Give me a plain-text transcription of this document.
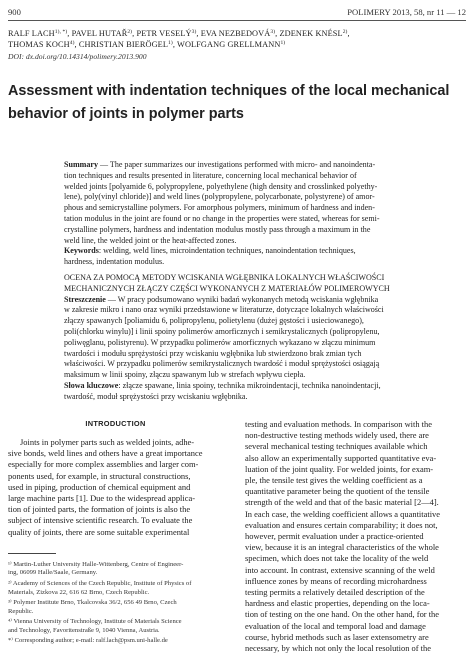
900	POLIMERY 2013, 58, nr 11 — 12
RALF $LACH^{1), *)}$, PAVEL HUTAŘ$^{2)}$, PETR VESELÝ$^{3)}$, EVA NEZBEDOVÁ$^{3)}$, ZDENEK KNÉSL$^{2)}$,
THOMAS KOCH$^{4)}$, CHRISTIAN BIERÖGEL$^{1)}$, WOLFGANG GRELLMANN$^{1)}$
DOI: dx.doi.org/10.14314/polimery.2013.900
Assessment with indentation techniques of the local mechanical
behavior of joints in polymer parts
Summary — The paper summarizes our investigations performed with micro- and nanoindenta-
tion techniques and results presented in literature, concerning local mechanical behavior of
welded joints [polyamide 6, polypropylene, polyethylene (high density and crosslinked polyethy-
lene), poly(vinyl chloride)] and weld lines (polypropylene, polycarbonate, polystyrene) of amor-
phous and semicrystalline polymers. For amorphous polymers, minimum of hardness and inden-
tation modulus in the joint are found or no change in the properties were stated, whereas for semi-
crystalline polymers, hardness and indentation modulus mostly pass through a maximum in the
weld line, the welded joint or the heat-affected zones.
Keywords: welding, weld lines, microindentation techniques, nanoindentation techniques,
hardness, indentation modulus.
OCENA ZA POMOCĄ METODY WCISKANIA WGŁĘBNIKA LOKALNYCH WŁAŚCIWOŚCI
MECHANICZNYCH ZŁĄCZY CZĘŚCI WYKONANYCH Z MATERIAŁÓW POLIMEROWYCH
Streszczenie — W pracy podsumowano wyniki badań wykonanych metodą wciskania wgłębnika
w zakresie mikro i nano oraz wyniki przedstawione w literaturze, dotyczące lokalnych właściwości
złączy spawanych [poliamidu 6, polipropylenu, polietylenu (dużej gęstości i usieciowanego),
poli(chlorku winylu)] i linii spoiny polimerów amorficznych i semikrystalicznych (polipropylenu,
poliwęglanu, polistyrenu). W przypadku polimerów amorficznych wykazano w złączu minimum
twardości i modułu sprężystości przy wciskaniu wgłębnika lub stwierdzono brak zmian tych
właściwości. W przypadku polimerów semikrystalicznych twardość i moduł sprężystości osiągają
maksimum w linii spoiny, złączu spawanym lub w strefach wpływu ciepła.
Słowa kluczowe: złącze spawane, linia spoiny, technika mikroindentacji, technika nanoindentacji,
twardość, moduł sprężystości przy wciskaniu wgłębnika.
INTRODUCTION
Joints in polymer parts such as welded joints, adhe-
sive bonds, weld lines and others have a great importance
especially for more complex assemblies and larger com-
ponents used, for example, in structural constructions,
used in piping, production of chemical equipment and
large machine parts [1]. Due to the widespread applica-
tion of jointed parts, the formation of joints is also the
subject of intensive scientific research. To evaluate the
quality of joints, there are some suitable experimental
testing and evaluation methods. In comparison with the
non-destructive testing methods widely used, there are
several mechanical testing techniques available which
also allow an experimentally supported quantitative eva-
luation of the joint quality. For welded joints, for exam-
ple, the tensile test gives the welding coefficient as a
quantitative parameter being the quotient of the tensile
strength of the weld and that of the basic material [2—4].
In each case, the welding coefficient allows a quantitative
evaluation and ensures certain comparability; it does not,
however, permit evaluation under a practice-oriented
view, because it is an integral characteristics of the whole
specimen, which does not take the locality of the weld
into account. In contrast, extensive scanning of the weld
influence zones by means of recording microhardness
testing permits a relatively detailed description of the
hardness and elastic properties, depending on the loca-
tion of testing on the one hand. On the other hand, for the
evaluation of the local and temporal load and damage
course, hybrid methods such as laser extensometry are
necessary, by which not only the local resolution of the
¹⁾ Martin-Luther University Halle-Wittenberg, Centre of Engineer-
ing, 06099 Halle/Saale, Germany.
²⁾ Academy of Sciences of the Czech Republic, Institute of Physics of
Materials, Zizkova 22, 616 62 Brno, Czech Republic.
³⁾ Polymer Institute Brno, Tkalcovska 36/2, 656 49 Brno, Czech
Republic.
⁴⁾ Vienna University of Technology, Institute of Materials Science
and Technology, Favoritenstraße 9, 1040 Vienna, Austria.
*⁾ Corresponding author; e-mail: ralf.lach@psm.uni-halle.de
